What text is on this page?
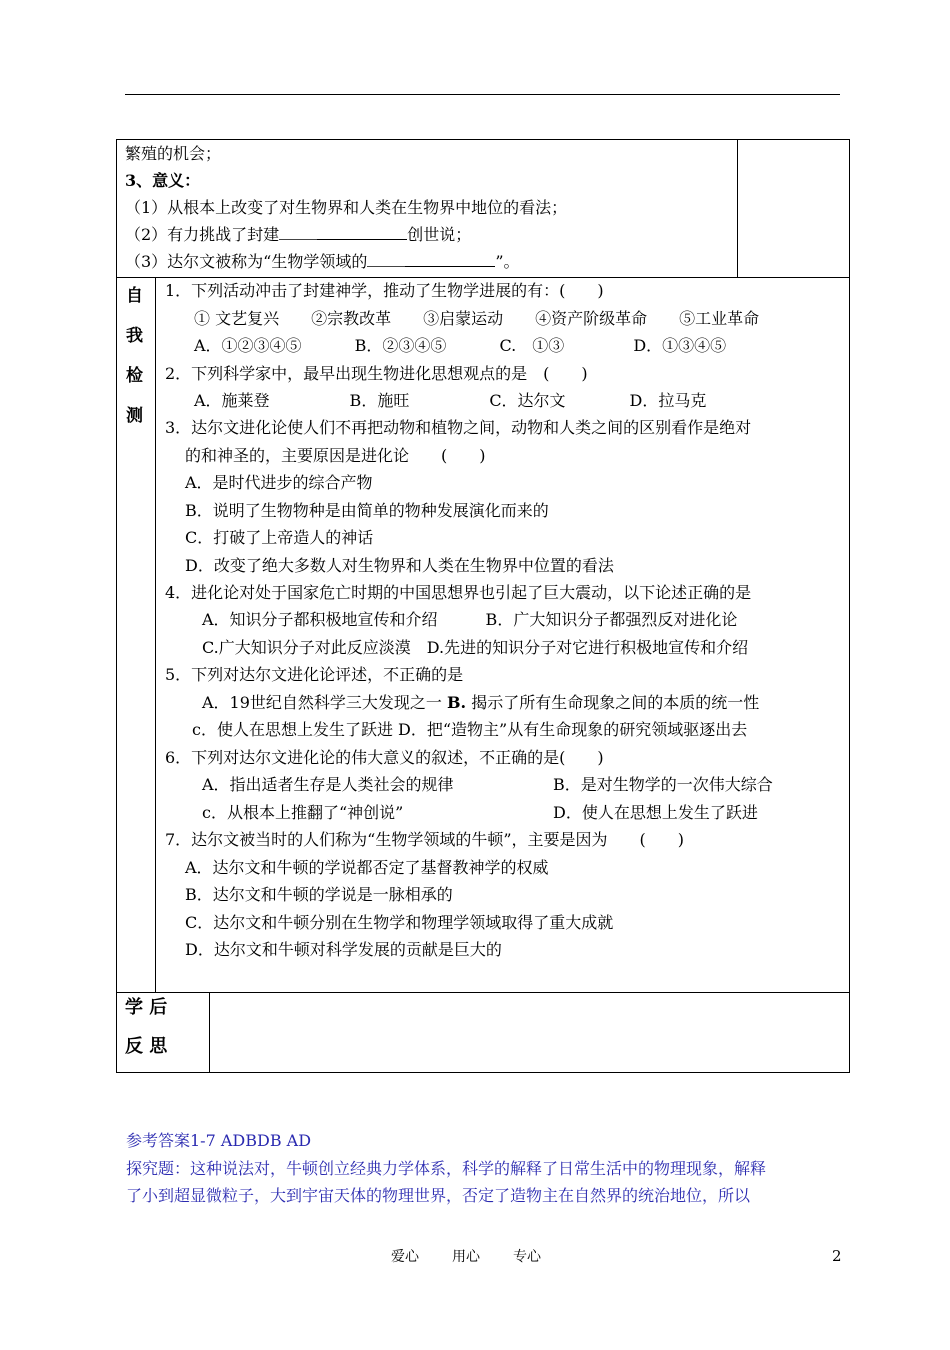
繁殖的机会；
3、意义：
（1）从根本上改变了对生物界和人类在生物界中地位的看法；
（2）有力挑战了封建	创世说；
（3）达尔文被称为“生物学领域的	”。
自
我
检
测
1．下列活动冲击了封建神学，推动了生物学进展的有：(　　)
　① 文艺复兴　　②宗教改革　　③启蒙运动　　④资产阶级革命　　⑤工业革命
　A．①②③④⑤　　　 B．②③④⑤　　　 C.　①③　　　　 D．①③④⑤
2．下列科学家中，最早出现生物进化思想观点的是　(　　)
　A．施莱登　　　　　B．施旺　　　　　C．达尔文　　　　D．拉马克
3．达尔文进化论使人们不再把动物和植物之间，动物和人类之间的区别看作是绝对
的和神圣的，主要原因是进化论　　(　　)
A．是时代进步的综合产物
B．说明了生物物种是由简单的物种发展演化而来的
C．打破了上帝造人的神话
D．改变了绝大多数人对生物界和人类在生物界中位置的看法
4．进化论对处于国家危亡时期的中国思想界也引起了巨大震动，以下论述正确的是
A．知识分子都积极地宣传和介绍　　　B．广大知识分子都强烈反对进化论
C.广大知识分子对此反应淡漠　D.先进的知识分子对它进行积极地宣传和介绍
5．下列对达尔文进化论评述，不正确的是
A．19世纪自然科学三大发现之一 B. 揭示了所有生命现象之间的本质的统一性
c．使人在思想上发生了跃进 D．把“造物主”从有生命现象的研究领域驱逐出去
6．下列对达尔文进化论的伟大意义的叙述，不正确的是(　　)
A．指出适者生存是人类社会的规律	B．是对生物学的一次伟大综合
c．从根本上推翻了“神创说”	D．使人在思想上发生了跃进
7．达尔文被当时的人们称为“生物学领域的牛顿”，主要是因为　　(　　)
A．达尔文和牛顿的学说都否定了基督教神学的权威
B．达尔文和牛顿的学说是一脉相承的
C．达尔文和牛顿分别在生物学和物理学领域取得了重大成就
D．达尔文和牛顿对科学发展的贡献是巨大的
学 后
反 思
参考答案1-7 ADBDB AD
探究题：这种说法对，牛顿创立经典力学体系，科学的解释了日常生活中的物理现象，解释
了小到超显微粒子，大到宇宙天体的物理世界，否定了造物主在自然界的统治地位，所以
爱心 用心 专心	2
